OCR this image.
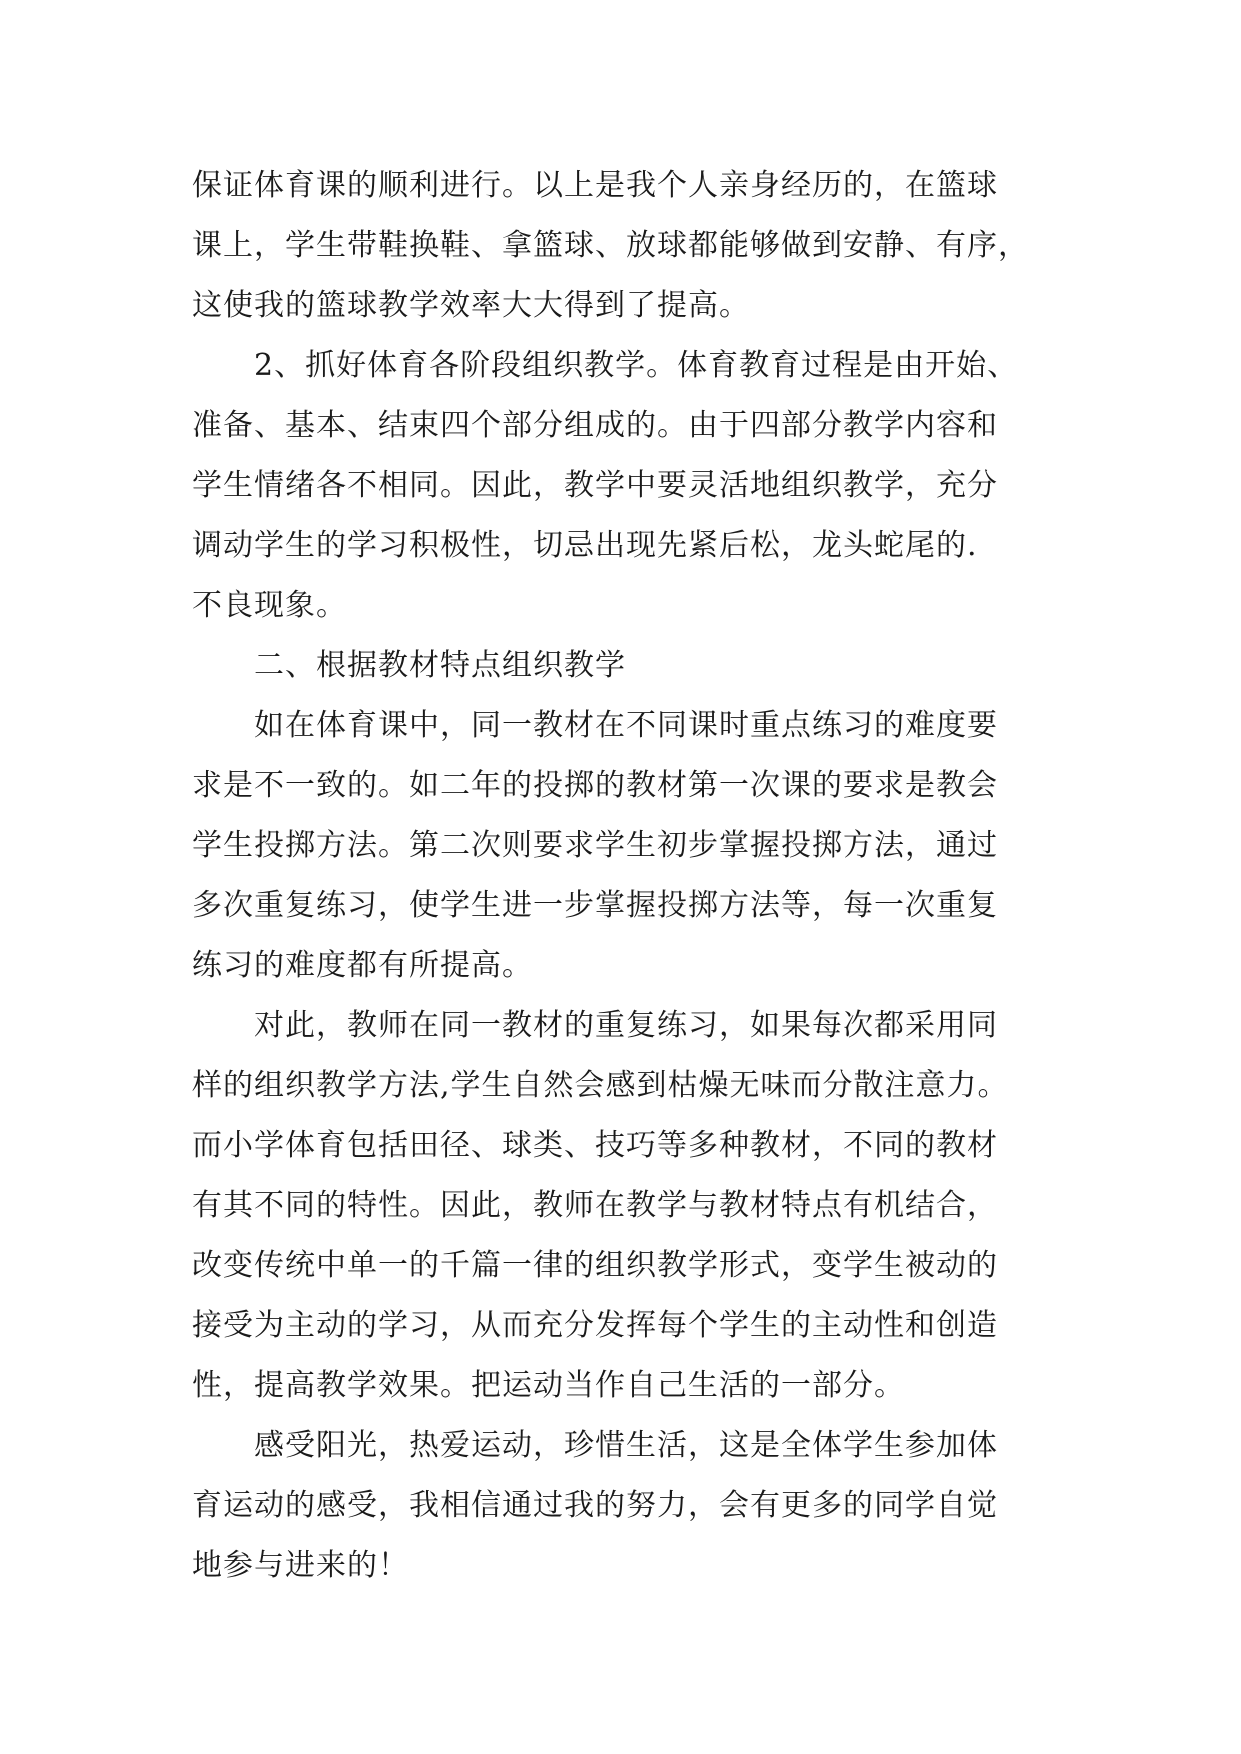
保证体育课的顺利进行。以上是我个人亲身经历的，在篮球
课上，学生带鞋换鞋、拿篮球、放球都能够做到安静、有序，
这使我的篮球教学效率大大得到了提高。
　　2、抓好体育各阶段组织教学。体育教育过程是由开始、
准备、基本、结束四个部分组成的。由于四部分教学内容和
学生情绪各不相同。因此，教学中要灵活地组织教学，充分
调动学生的学习积极性，切忌出现先紧后松，龙头蛇尾的.
不良现象。
　　二、根据教材特点组织教学
　　如在体育课中，同一教材在不同课时重点练习的难度要
求是不一致的。如二年的投掷的教材第一次课的要求是教会
学生投掷方法。第二次则要求学生初步掌握投掷方法，通过
多次重复练习，使学生进一步掌握投掷方法等，每一次重复
练习的难度都有所提高。
　　对此，教师在同一教材的重复练习，如果每次都采用同
样的组织教学方法,学生自然会感到枯燥无味而分散注意力。
而小学体育包括田径、球类、技巧等多种教材，不同的教材
有其不同的特性。因此，教师在教学与教材特点有机结合，
改变传统中单一的千篇一律的组织教学形式，变学生被动的
接受为主动的学习，从而充分发挥每个学生的主动性和创造
性，提高教学效果。把运动当作自己生活的一部分。
　　感受阳光，热爱运动，珍惜生活，这是全体学生参加体
育运动的感受，我相信通过我的努力，会有更多的同学自觉
地参与进来的！
